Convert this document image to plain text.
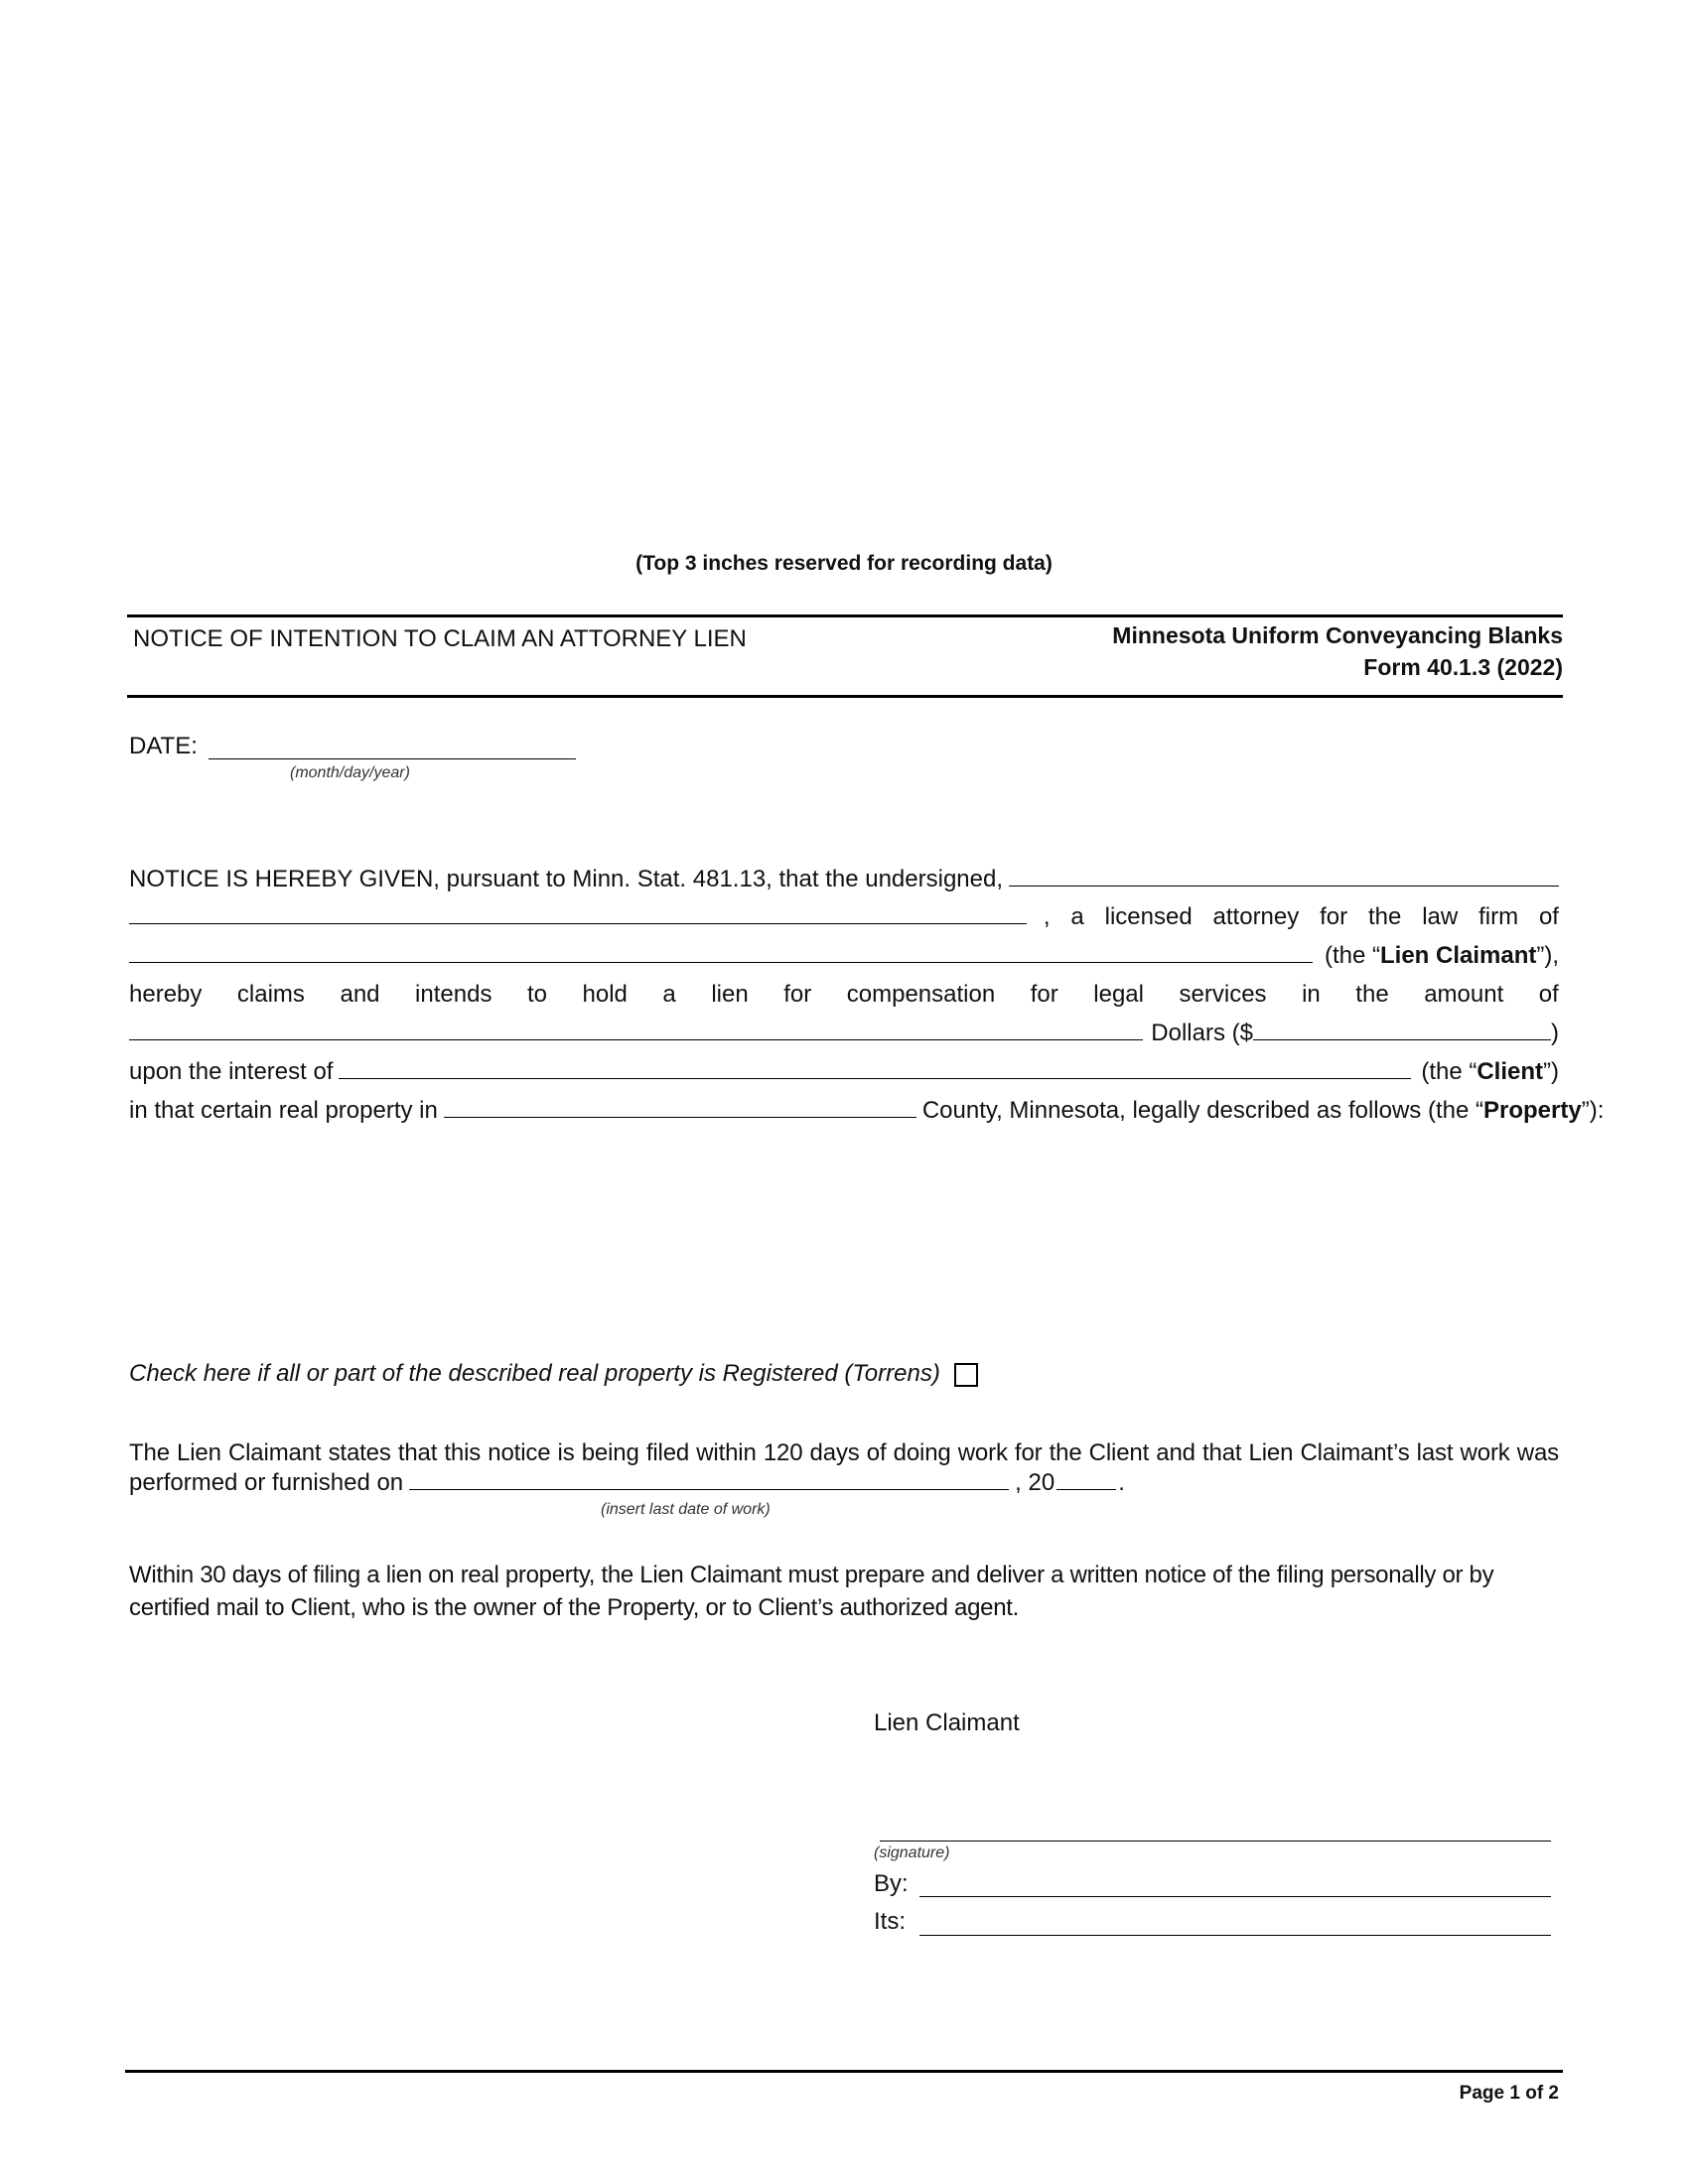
(Top 3 inches reserved for recording data)
NOTICE OF INTENTION TO CLAIM AN ATTORNEY LIEN	Minnesota Uniform Conveyancing Blanks
Form 40.1.3 (2022)
DATE:
(month/day/year)
NOTICE IS HEREBY GIVEN, pursuant to Minn. Stat. 481.13, that the undersigned,
, a licensed attorney for the law firm of
(the “ Lien Claimant ”),
hereby claims and intends to hold a lien for compensation for legal services in the amount of
Dollars ($	)
upon the interest of	(the “ Client ”)
in that certain real property in	County, Minnesota, legally described as follows (the “ Property ”):
Check here if all or part of the described real property is Registered (Torrens)
The Lien Claimant states that this notice is being filed within 120 days of doing work for the Client and that Lien Claimant’s last work was
performed or furnished on	, 20	.
(insert last date of work)
Within 30 days of filing a lien on real property, the Lien Claimant must prepare and deliver a written notice of the filing personally or by certified mail to Client, who is the owner of the Property, or to Client’s authorized agent.
Lien Claimant
(signature)
By:
Its:
Page 1 of 2
